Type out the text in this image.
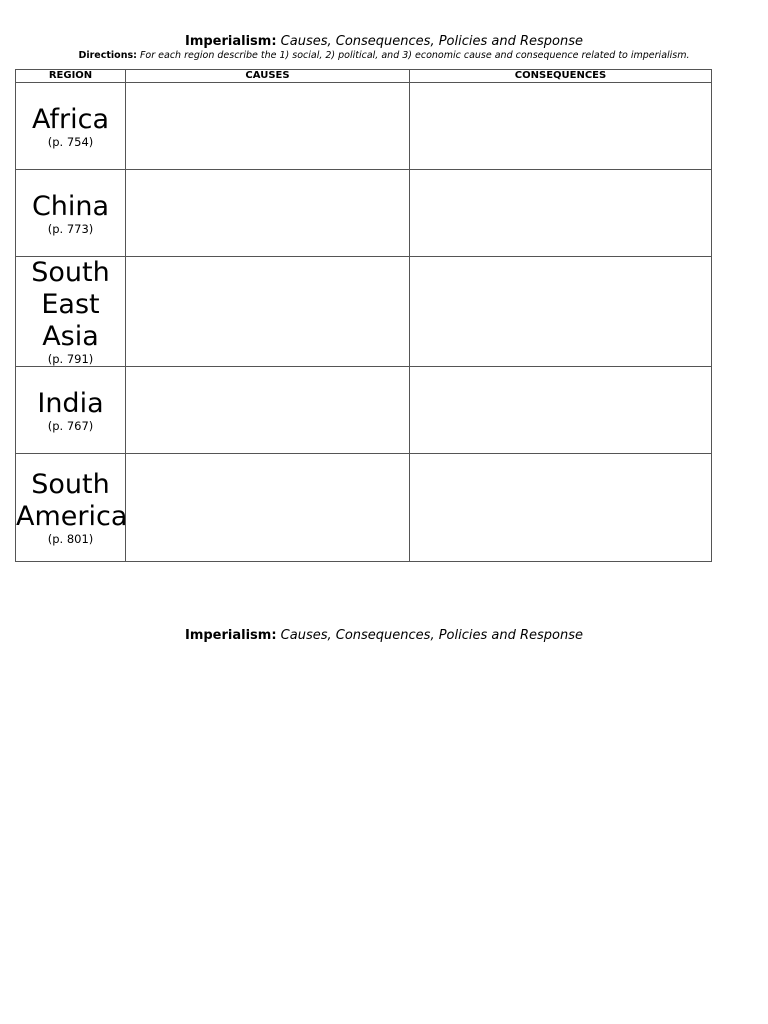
Imperialism: Causes, Consequences, Policies and Response
Directions: For each region describe the 1) social, 2) political, and 3) economic cause and consequence related to imperialism.
REGION	CAUSES	CONSEQUENCES

Africa
(p. 754)		

China
(p. 773)		

South East Asia
(p. 791)		

India
(p. 767)		

South America
(p. 801)		

Imperialism: Causes, Consequences, Policies and Response
